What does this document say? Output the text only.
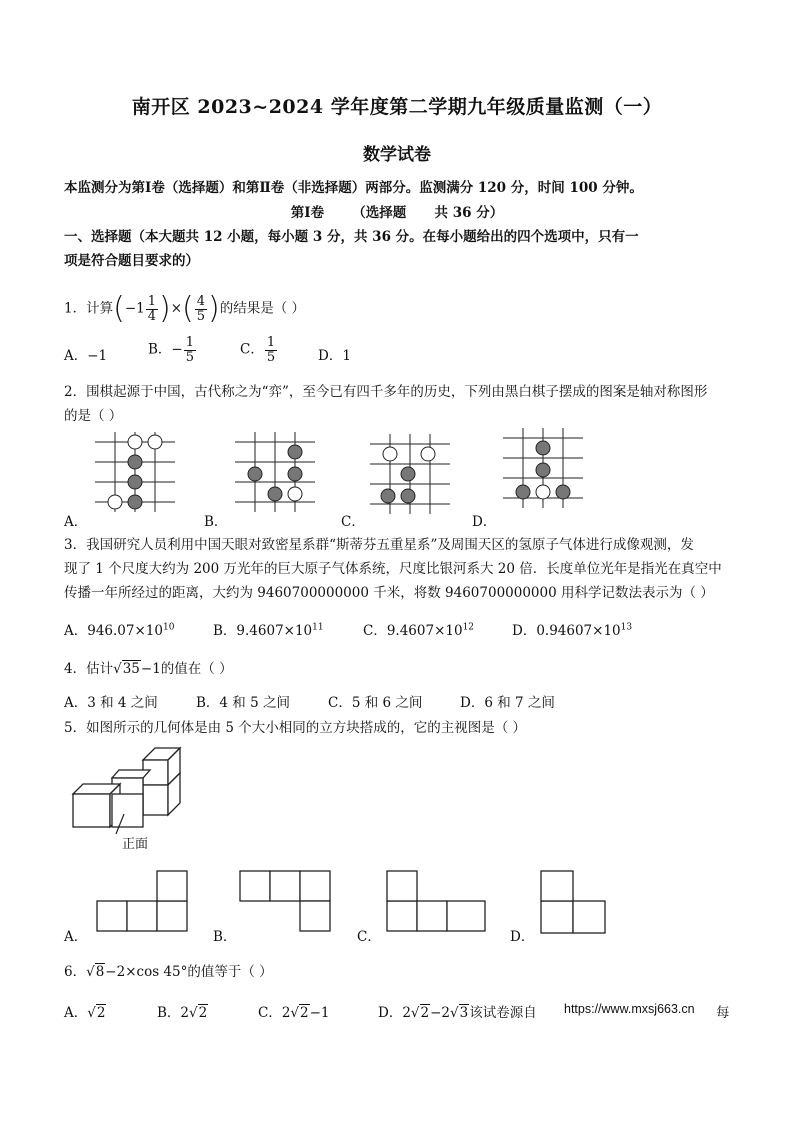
南开区 2023~2024 学年度第二学期九年级质量监测（一）
数学试卷
本监测分为第Ⅰ卷（选择题）和第Ⅱ卷（非选择题）两部分。监测满分 120 分，时间 100 分钟。
第Ⅰ卷      （选择题      共 36 分）
一、选择题（本大题共 12 小题，每小题 3 分，共 36 分。在每小题给出的四个选项中，只有一
项是符合题目要求的）
1．计算($-1 \frac{1}{4}$ )×( $\frac{4}{5}$ )的结果是（ ）
A．−1	B．− $\frac{1}{5}$	C． $\frac{1}{5}$	D．1
2．围棋起源于中国，古代称之为“弈”，至今已有四千多年的历史，下列由黑白棋子摆成的图案是轴对称图形
的是（ ）
A．	B．	C．	D．
3．我国研究人员利用中国天眼对致密星系群“斯蒂芬五重星系”及周围天区的氢原子气体进行成像观测，发
现了 1 个尺度大约为 200 万光年的巨大原子气体系统，尺度比银河系大 20 倍．长度单位光年是指光在真空中
传播一年所经过的距离，大约为 9460700000000 千米，将数 9460700000000 用科学记数法表示为（ ）
A．$946.07\times 10^{10}$	B．$9.4607\times 10^{11}$	C．$9.4607\times 10^{12}$	D．$0.94607\times 10^{13}$
4．估计√35−1的值在（ ）
A．3 和 4 之间	B．4 和 5 之间	C．5 和 6 之间	D．6 和 7 之间
5．如图所示的几何体是由 5 个大小相同的立方块搭成的，它的主视图是（ ）
正面
A．	B．	C．	D．
6．√8−2×cos 45°的值等于（ ）
A．√2	B．2√2	C．2√2−1	D．2√2−2√3该试卷源自 https://www.mxsj663.cn 每
